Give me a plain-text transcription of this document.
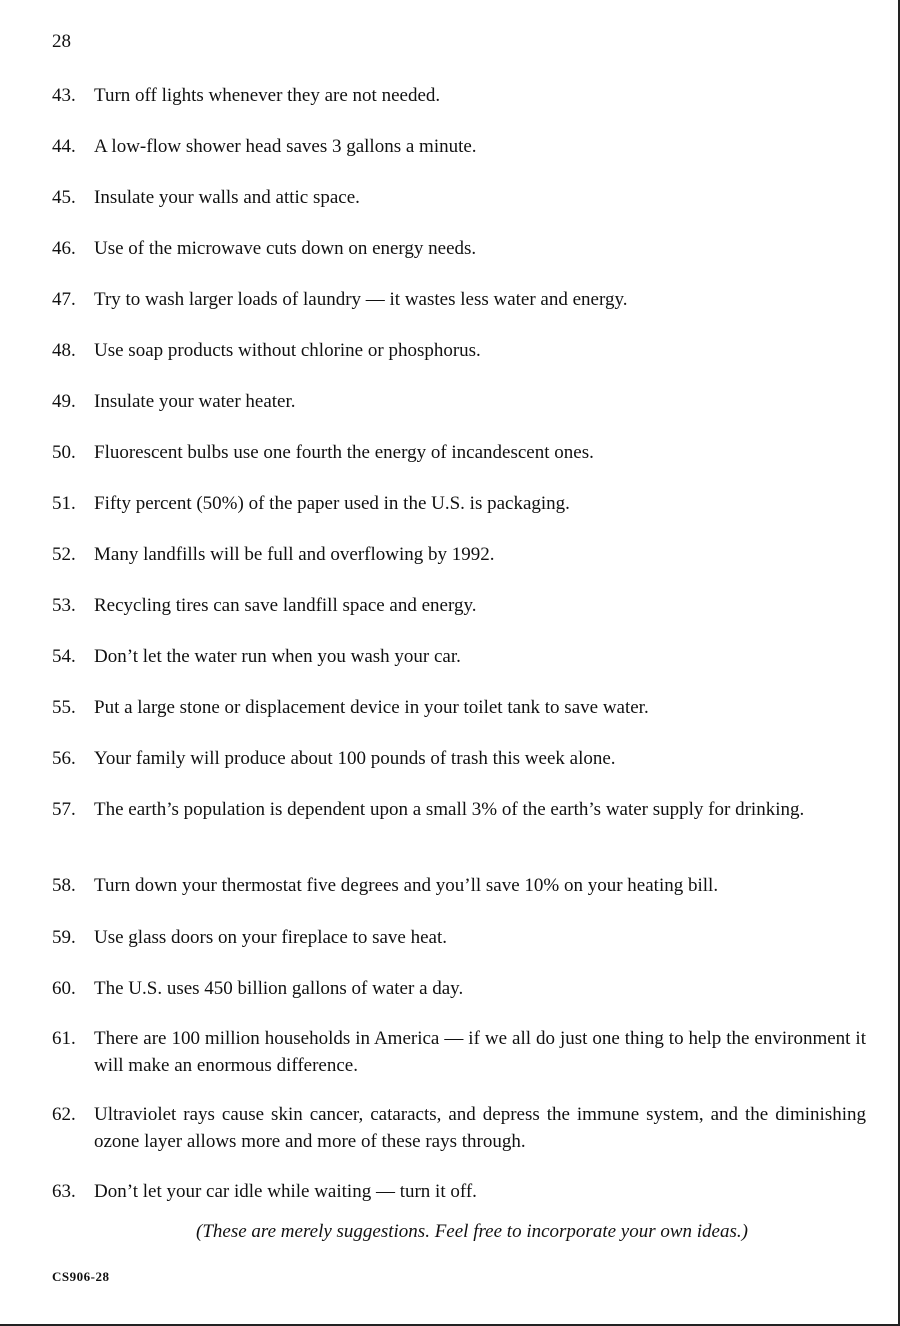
28
43. Turn off lights whenever they are not needed.
44. A low-flow shower head saves 3 gallons a minute.
45. Insulate your walls and attic space.
46. Use of the microwave cuts down on energy needs.
47. Try to wash larger loads of laundry — it wastes less water and energy.
48. Use soap products without chlorine or phosphorus.
49. Insulate your water heater.
50. Fluorescent bulbs use one fourth the energy of incandescent ones.
51. Fifty percent (50%) of the paper used in the U.S. is packaging.
52. Many landfills will be full and overflowing by 1992.
53. Recycling tires can save landfill space and energy.
54. Don’t let the water run when you wash your car.
55. Put a large stone or displacement device in your toilet tank to save water.
56. Your family will produce about 100 pounds of trash this week alone.
57. The earth’s population is dependent upon a small 3% of the earth’s water supply for drinking.
58. Turn down your thermostat five degrees and you’ll save 10% on your heating bill.
59. Use glass doors on your fireplace to save heat.
60. The U.S. uses 450 billion gallons of water a day.
61. There are 100 million households in America — if we all do just one thing to help the environment it will make an enormous difference.
62. Ultraviolet rays cause skin cancer, cataracts, and depress the immune system, and the diminishing ozone layer allows more and more of these rays through.
63. Don’t let your car idle while waiting — turn it off.
(These are merely suggestions. Feel free to incorporate your own ideas.)
CS906-28
